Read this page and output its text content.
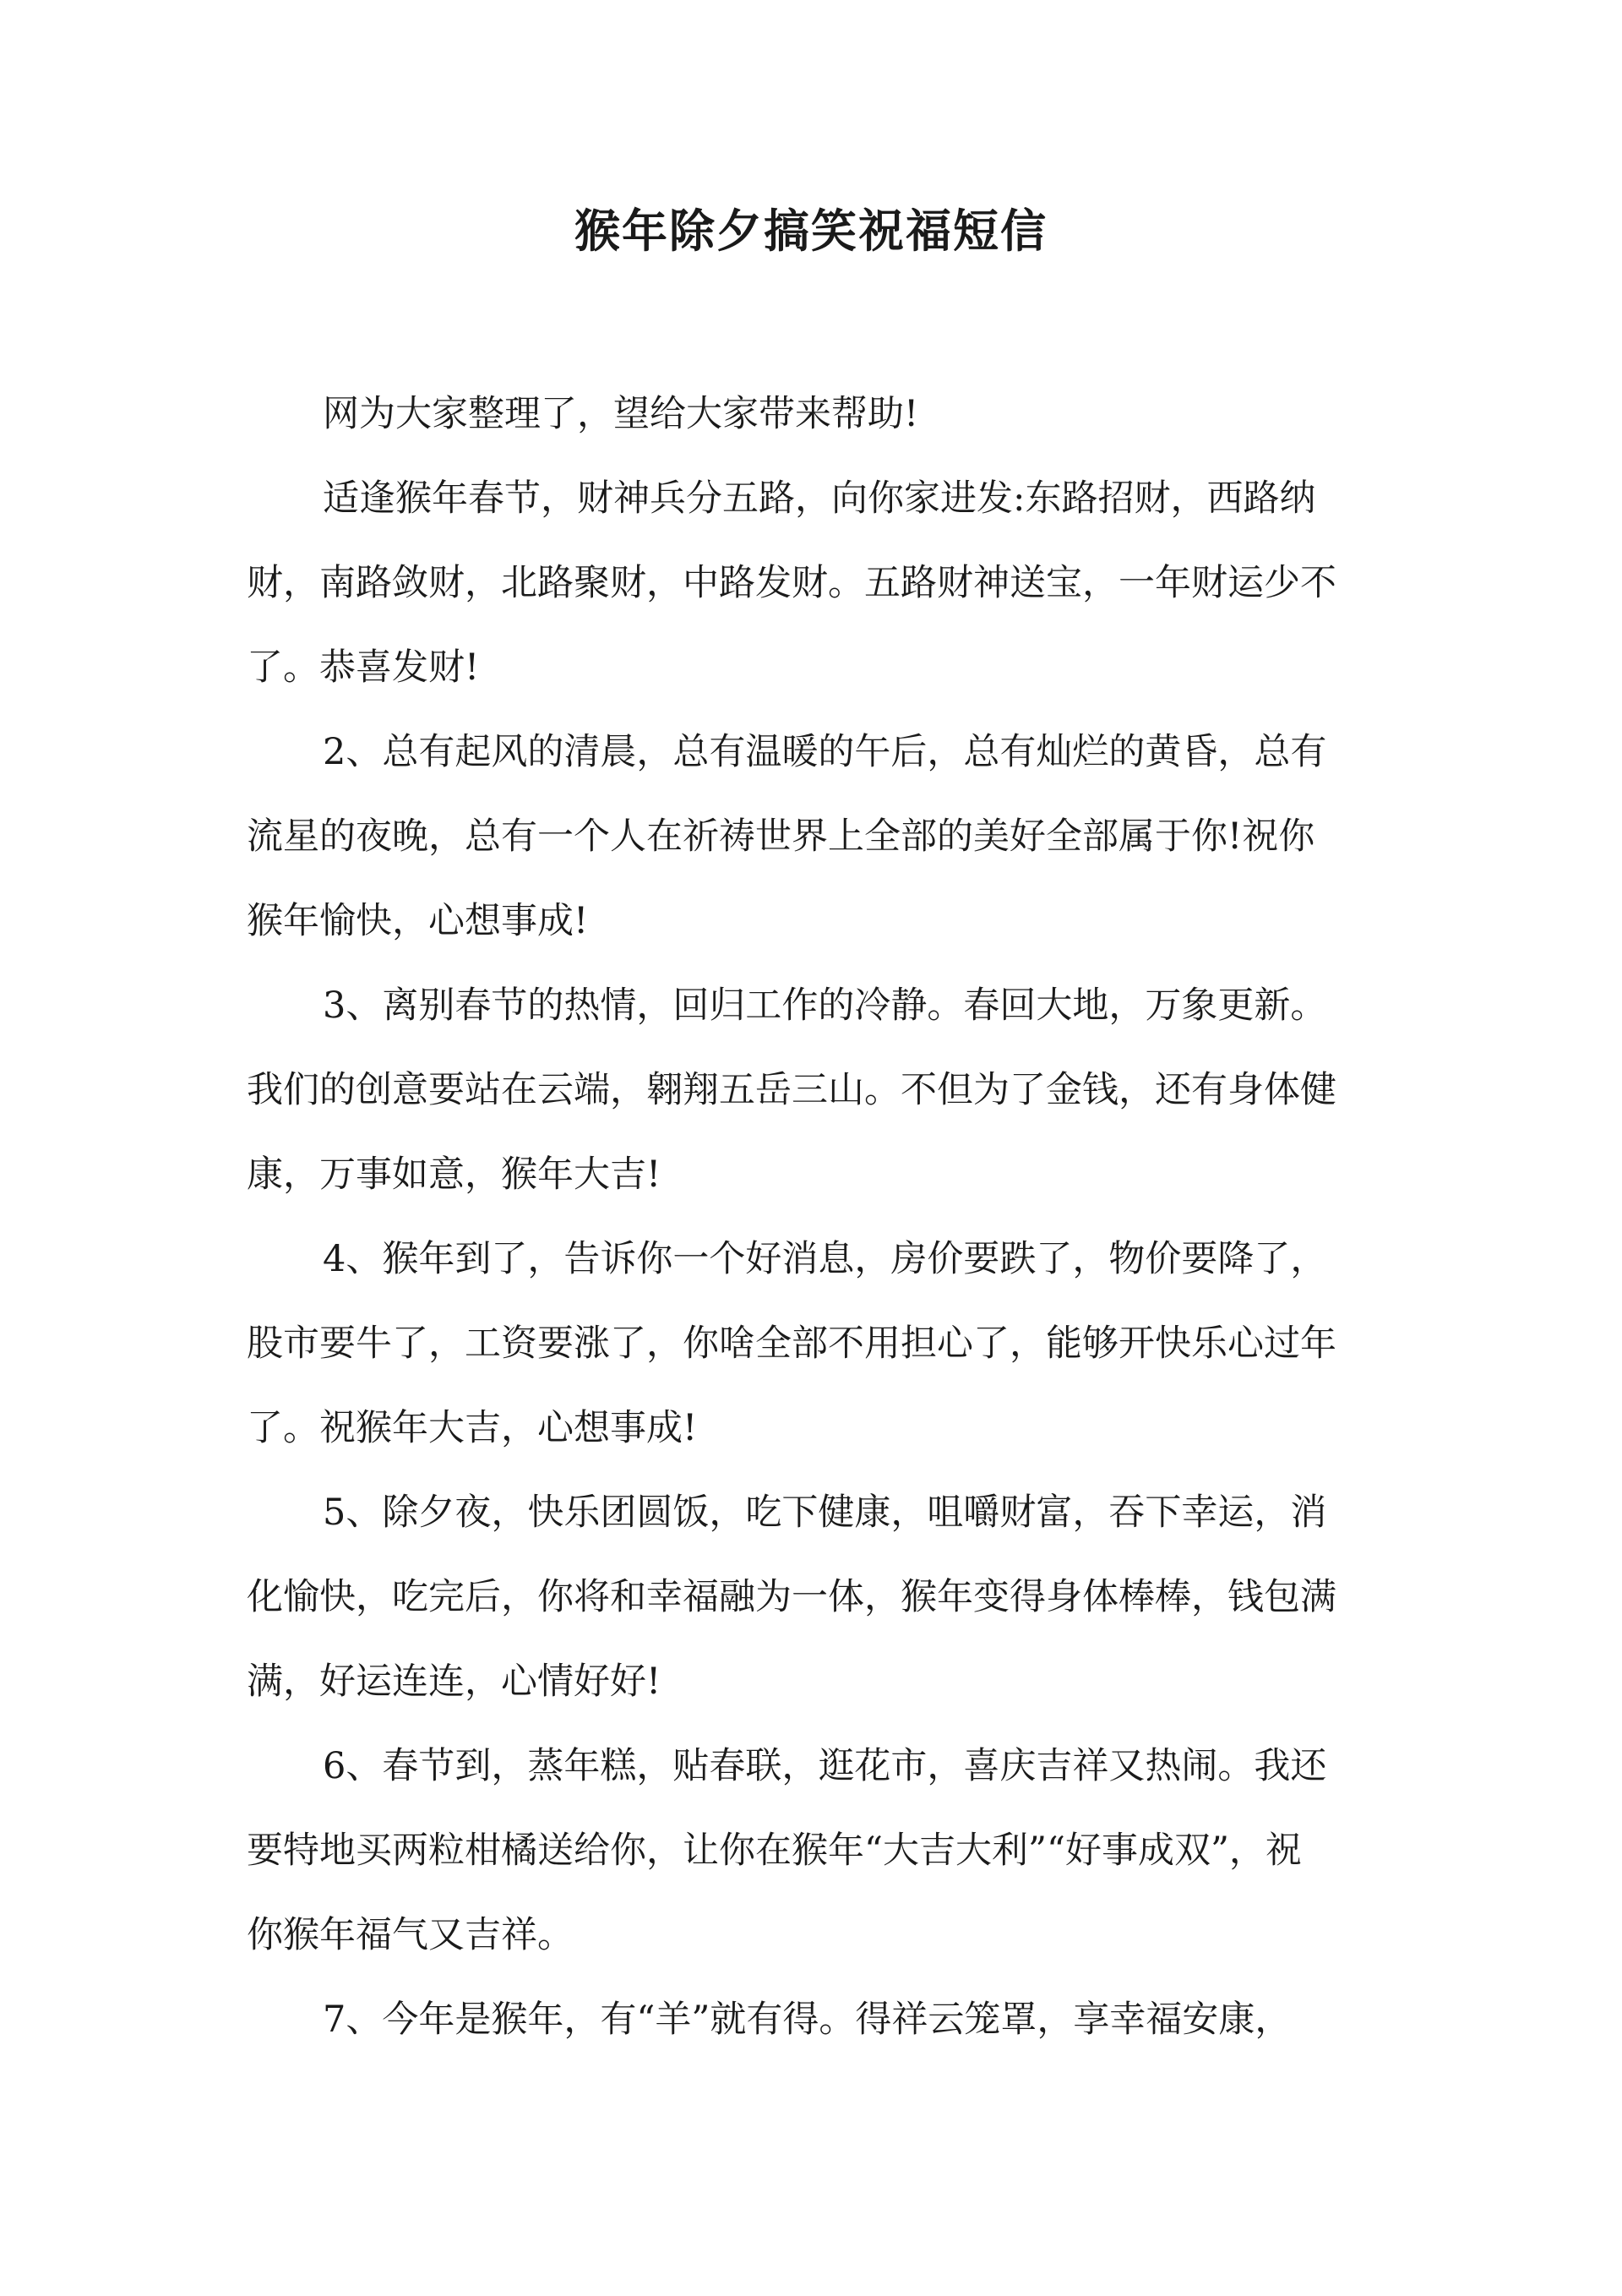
猴年除夕搞笑祝福短信

网为大家整理了，望给大家带来帮助!

适逢猴年春节，财神兵分五路，向你家进发:东路招财，西路纳
财，南路敛财，北路聚财，中路发财。五路财神送宝，一年财运少不
了。恭喜发财!

2、总有起风的清晨，总有温暖的午后，总有灿烂的黄昏，总有
流星的夜晚，总有一个人在祈祷世界上全部的美好全部属于你!祝你
猴年愉快，心想事成!

3、离别春节的热情，回归工作的冷静。春回大地，万象更新。
我们的创意要站在云端，翱翔五岳三山。不但为了金钱，还有身体健
康，万事如意，猴年大吉!

4、猴年到了，告诉你一个好消息，房价要跌了，物价要降了，
股市要牛了，工资要涨了，你啥全部不用担心了，能够开快乐心过年
了。祝猴年大吉，心想事成!

5、除夕夜，快乐团圆饭，吃下健康，咀嚼财富，吞下幸运，消
化愉快，吃完后，你将和幸福融为一体，猴年变得身体棒棒，钱包满
满，好运连连，心情好好!

6、春节到，蒸年糕，贴春联，逛花市，喜庆吉祥又热闹。我还
要特地买两粒柑橘送给你，让你在猴年“大吉大利”“好事成双”，祝
你猴年福气又吉祥。

7、今年是猴年，有“羊”就有得。得祥云笼罩，享幸福安康，
